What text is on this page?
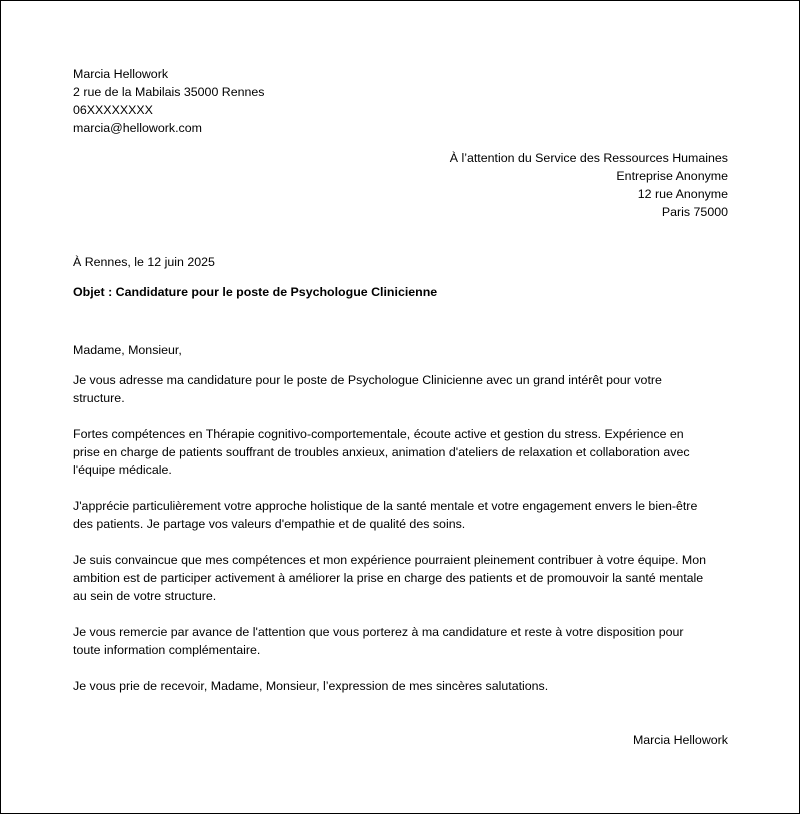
Marcia Hellowork
2 rue de la Mabilais 35000 Rennes
06XXXXXXXX
marcia@hellowork.com
À l’attention du Service des Ressources Humaines
Entreprise Anonyme
12 rue Anonyme
Paris 75000
À Rennes, le 12 juin 2025
Objet : Candidature pour le poste de Psychologue Clinicienne
Madame, Monsieur,
Je vous adresse ma candidature pour le poste de Psychologue Clinicienne avec un grand intérêt pour votre
structure.
Fortes compétences en Thérapie cognitivo-comportementale, écoute active et gestion du stress. Expérience en
prise en charge de patients souffrant de troubles anxieux, animation d'ateliers de relaxation et collaboration avec
l'équipe médicale.
J'apprécie particulièrement votre approche holistique de la santé mentale et votre engagement envers le bien-être
des patients. Je partage vos valeurs d'empathie et de qualité des soins.
Je suis convaincue que mes compétences et mon expérience pourraient pleinement contribuer à votre équipe. Mon
ambition est de participer activement à améliorer la prise en charge des patients et de promouvoir la santé mentale
au sein de votre structure.
Je vous remercie par avance de l'attention que vous porterez à ma candidature et reste à votre disposition pour
toute information complémentaire.
Je vous prie de recevoir, Madame, Monsieur, l’expression de mes sincères salutations.
Marcia Hellowork
